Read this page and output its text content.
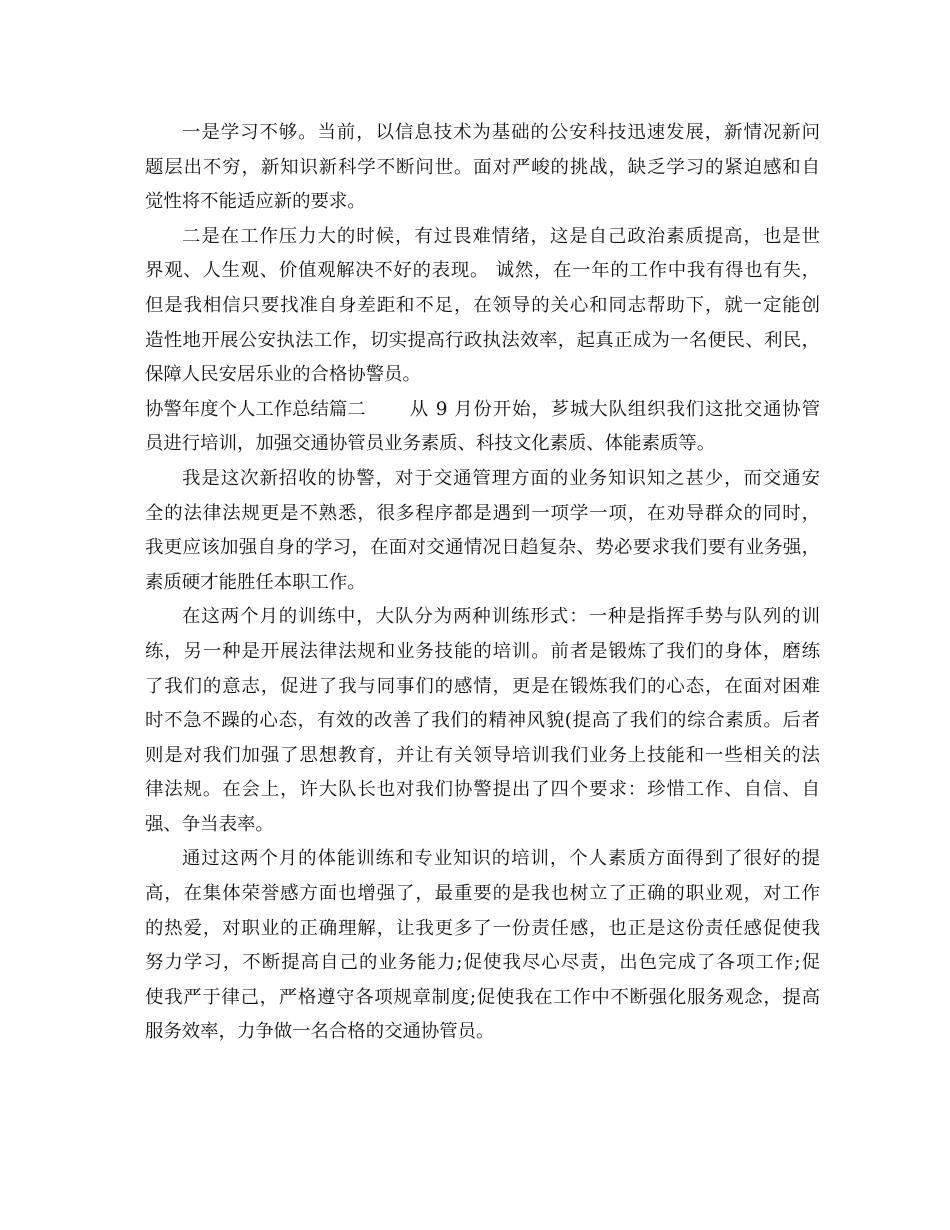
一是学习不够。当前，以信息技术为基础的公安科技迅速发展，新情况新问
题层出不穷，新知识新科学不断问世。面对严峻的挑战，缺乏学习的紧迫感和自
觉性将不能适应新的要求。
二是在工作压力大的时候，有过畏难情绪，这是自己政治素质提高，也是世
界观、人生观、价值观解决不好的表现。 诚然，在一年的工作中我有得也有失，
但是我相信只要找准自身差距和不足，在领导的关心和同志帮助下，就一定能创
造性地开展公安执法工作，切实提高行政执法效率，起真正成为一名便民、利民，
保障人民安居乐业的合格协警员。
协警年度个人工作总结篇二 从 9 月份开始，芗城大队组织我们这批交通协管
员进行培训，加强交通协管员业务素质、科技文化素质、体能素质等。
我是这次新招收的协警，对于交通管理方面的业务知识知之甚少，而交通安
全的法律法规更是不熟悉，很多程序都是遇到一项学一项，在劝导群众的同时，
我更应该加强自身的学习，在面对交通情况日趋复杂、势必要求我们要有业务强，
素质硬才能胜任本职工作。
在这两个月的训练中，大队分为两种训练形式：一种是指挥手势与队列的训
练，另一种是开展法律法规和业务技能的培训。前者是锻炼了我们的身体，磨练
了我们的意志，促进了我与同事们的感情，更是在锻炼我们的心态，在面对困难
时不急不躁的心态，有效的改善了我们的精神风貌(提高了我们的综合素质。后者
则是对我们加强了思想教育，并让有关领导培训我们业务上技能和一些相关的法
律法规。在会上，许大队长也对我们协警提出了四个要求：珍惜工作、自信、自
强、争当表率。
通过这两个月的体能训练和专业知识的培训，个人素质方面得到了很好的提
高，在集体荣誉感方面也增强了，最重要的是我也树立了正确的职业观，对工作
的热爱，对职业的正确理解，让我更多了一份责任感，也正是这份责任感促使我
努力学习，不断提高自己的业务能力;促使我尽心尽责，出色完成了各项工作;促
使我严于律己，严格遵守各项规章制度;促使我在工作中不断强化服务观念，提高
服务效率，力争做一名合格的交通协管员。
